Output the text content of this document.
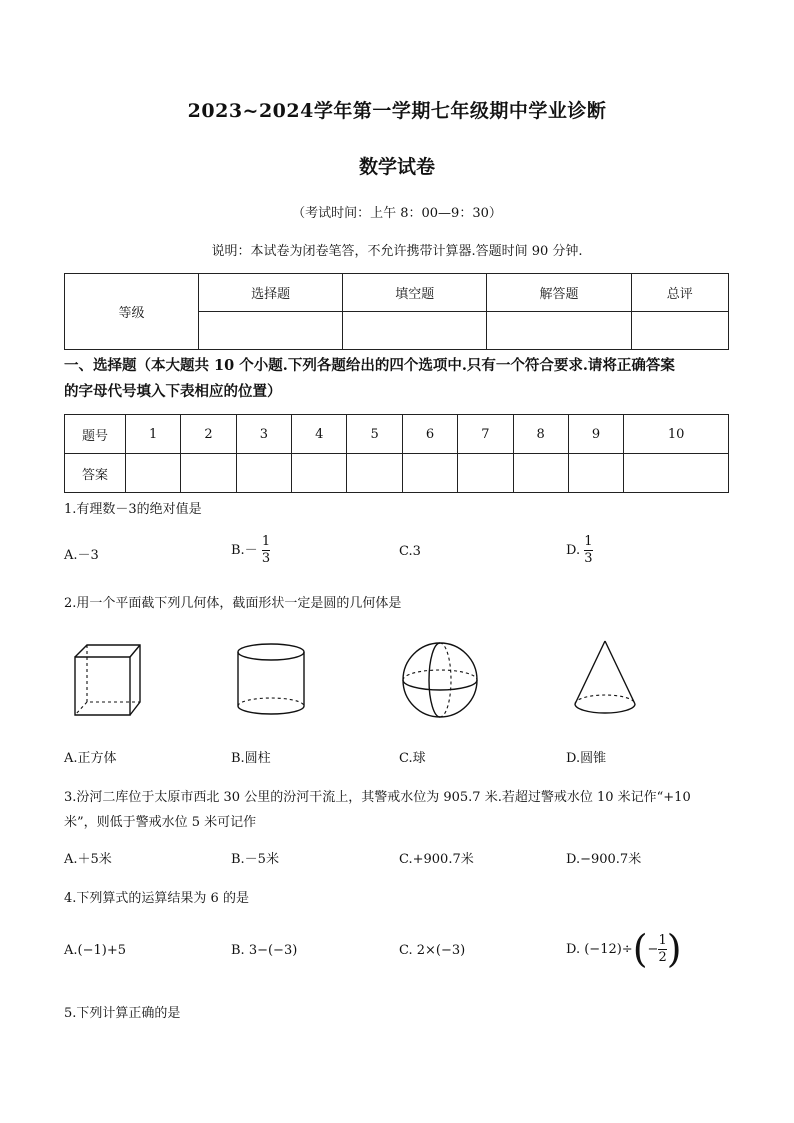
2023~2024学年第一学期七年级期中学业诊断
数学试卷
（考试时间：上午 8：00—9：30）
说明：本试卷为闭卷笔答，不允许携带计算器.答题时间 90 分钟.
等级	选择题	填空题	解答题	总评

一、选择题（本大题共 10 个小题.下列各题给出的四个选项中.只有一个符合要求.请将正确答案
的字母代号填入下表相应的位置）
题号	1	2	3	4	5	6	7	8	9	10
答案										
1.有理数－3的绝对值是
A.－3	$B.- \frac{1}{3}$	C.3	D. $\frac{1}{3}$
2.用一个平面截下列几何体，截面形状一定是圆的几何体是
A.正方体	B.圆柱	C.球	D.圆锥
3.汾河二库位于太原市西北 30 公里的汾河干流上，其警戒水位为 905.7 米.若超过警戒水位 10 米记作“+10
米”，则低于警戒水位 5 米可记作
A.＋5米	B.－5米	C.+900.7米	D.−900.7米
4.下列算式的运算结果为 6 的是
A.(−1)+5	B. 3−(−3)	C. 2×(−3)	D. (−12)÷ ( − $\frac{1}{2}$ )
5.下列计算正确的是
